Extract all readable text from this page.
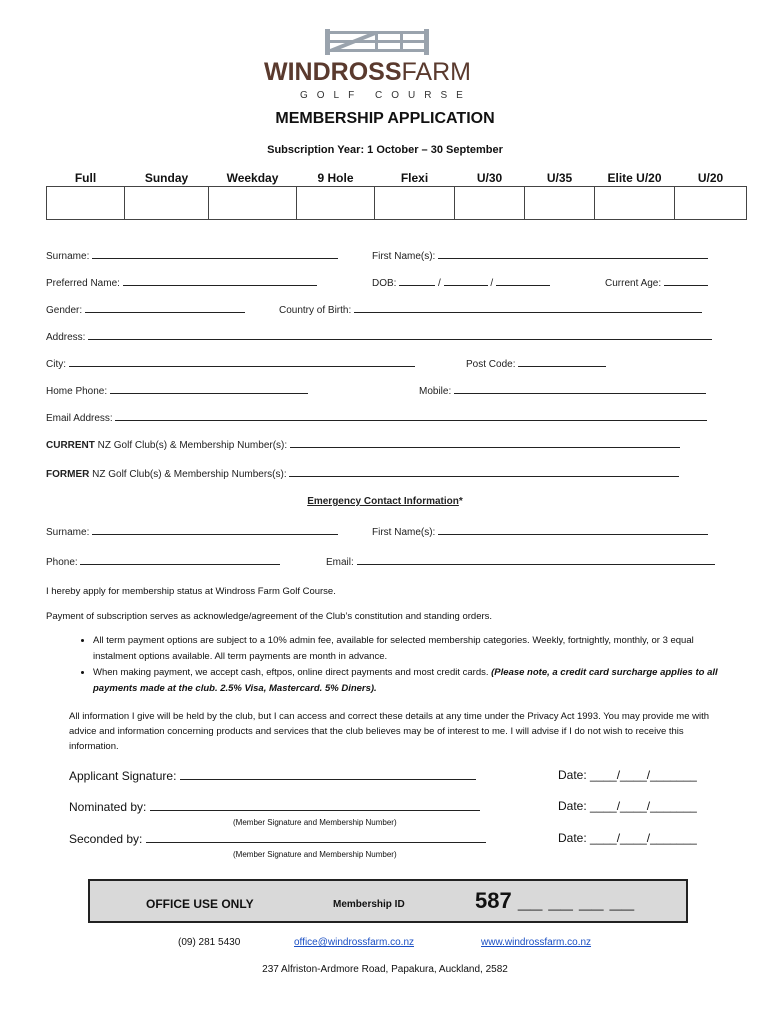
WINDROSSFARM
GOLF COURSE
MEMBERSHIP APPLICATION
Subscription Year: 1 October – 30 September
Full	Sunday	Weekday	9 Hole	Flexi	U/30	U/35	Elite U/20	U/20

Surname:	First Name(s):
Preferred Name:	DOB:	/	/	Current Age:
Gender:	Country of Birth:
Address:
City:	Post Code:
Home Phone:	Mobile:
Email Address:
CURRENT NZ Golf Club(s) & Membership Number(s):
FORMER NZ Golf Club(s) & Membership Numbers(s):
Emergency Contact Information*
Surname:	First Name(s):
Phone:	Email:
I hereby apply for membership status at Windross Farm Golf Course.
Payment of subscription serves as acknowledge/agreement of the Club’s constitution and standing orders.
• All term payment options are subject to a 10% admin fee, available for selected membership categories. Weekly, fortnightly, monthly, or 3 equal instalment options available. All term payments are month in advance.
• When making payment, we accept cash, eftpos, online direct payments and most credit cards. (Please note, a credit card surcharge applies to all payments made at the club. 2.5% Visa, Mastercard. 5% Diners).
All information I give will be held by the club, but I can access and correct these details at any time under the Privacy Act 1993. You may provide me with advice and information concerning products and services that the club believes may be of interest to me. I will advise if I do not wish to receive this information.
Applicant Signature:	Date: ____/____/_______
Nominated by:	Date: ____/____/_______
(Member Signature and Membership Number)
Seconded by:	Date: ____/____/_______
(Member Signature and Membership Number)
OFFICE USE ONLY	Membership ID	587 __ __ __ __
(09) 281 5430	office@windrossfarm.co.nz	www.windrossfarm.co.nz
237 Alfriston-Ardmore Road, Papakura, Auckland, 2582
